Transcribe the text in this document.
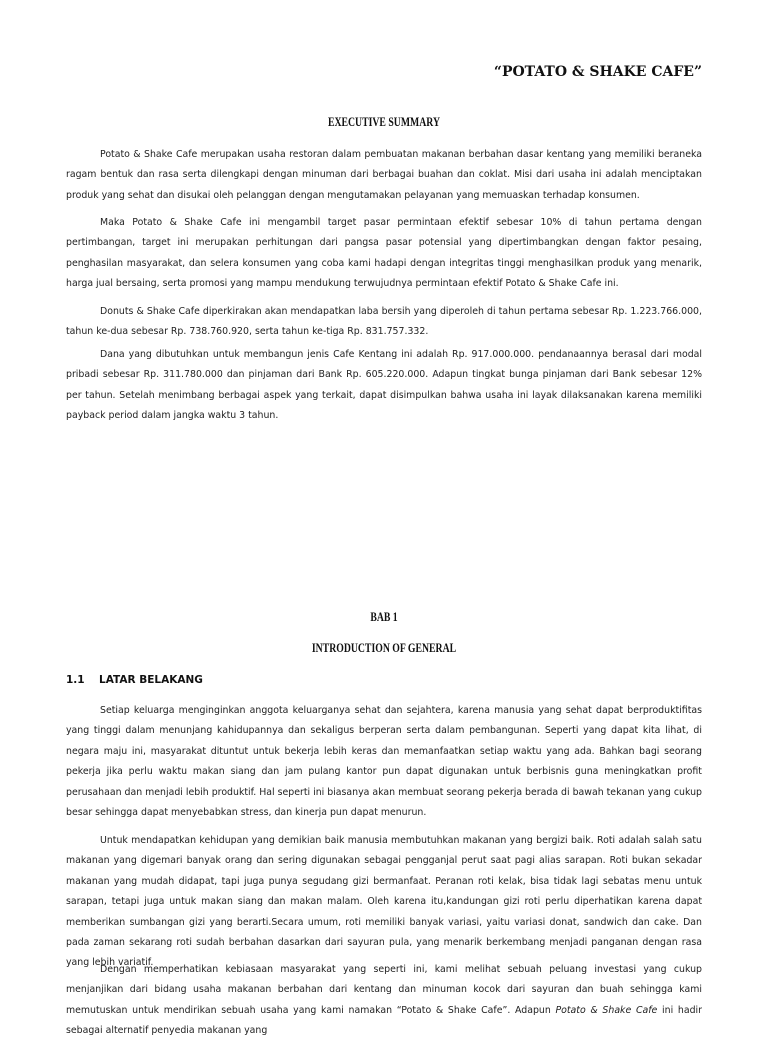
“POTATO & SHAKE CAFE”
EXECUTIVE SUMMARY

Potato & Shake Cafe merupakan usaha restoran dalam pembuatan makanan berbahan dasar kentang yang memiliki beraneka ragam bentuk dan rasa serta dilengkapi dengan minuman dari berbagai buahan dan coklat. Misi dari usaha ini adalah menciptakan produk yang sehat dan disukai oleh pelanggan dengan mengutamakan pelayanan yang memuaskan terhadap konsumen.

Maka Potato & Shake Cafe ini mengambil target pasar permintaan efektif sebesar 10% di tahun pertama dengan pertimbangan, target ini merupakan perhitungan dari pangsa pasar potensial yang dipertimbangkan dengan faktor pesaing, penghasilan masyarakat, dan selera konsumen yang coba kami hadapi dengan integritas tinggi menghasilkan produk yang menarik, harga jual bersaing, serta promosi yang mampu mendukung terwujudnya permintaan efektif Potato & Shake Cafe ini.

Donuts & Shake Cafe diperkirakan akan mendapatkan laba bersih yang diperoleh di tahun pertama sebesar Rp. 1.223.766.000, tahun ke-dua sebesar Rp. 738.760.920, serta tahun ke-tiga Rp. 831.757.332.

Dana yang dibutuhkan untuk membangun jenis Cafe Kentang ini adalah Rp. 917.000.000. pendanaannya berasal dari modal pribadi sebesar Rp. 311.780.000 dan pinjaman dari Bank Rp. 605.220.000. Adapun tingkat bunga pinjaman dari Bank sebesar 12% per tahun. Setelah menimbang berbagai aspek yang terkait, dapat disimpulkan bahwa usaha ini layak dilaksanakan karena memiliki payback period dalam jangka waktu 3 tahun.

BAB 1
INTRODUCTION OF GENERAL
1.1 LATAR BELAKANG

Setiap keluarga menginginkan anggota keluarganya sehat dan sejahtera, karena manusia yang sehat dapat berproduktifitas yang tinggi dalam menunjang kahidupannya dan sekaligus berperan serta dalam pembangunan. Seperti yang dapat kita lihat, di negara maju ini, masyarakat dituntut untuk bekerja lebih keras dan memanfaatkan setiap waktu yang ada. Bahkan bagi seorang pekerja jika perlu waktu makan siang dan jam pulang kantor pun dapat digunakan untuk berbisnis guna meningkatkan profit perusahaan dan menjadi lebih produktif. Hal seperti ini biasanya akan membuat seorang pekerja berada di bawah tekanan yang cukup besar sehingga dapat menyebabkan stress, dan kinerja pun dapat menurun.

Untuk mendapatkan kehidupan yang demikian baik manusia membutuhkan makanan yang bergizi baik. Roti adalah salah satu makanan yang digemari banyak orang dan sering digunakan sebagai pengganjal perut saat pagi alias sarapan. Roti bukan sekadar makanan yang mudah didapat, tapi juga punya segudang gizi bermanfaat. Peranan roti kelak, bisa tidak lagi sebatas menu untuk sarapan, tetapi juga untuk makan siang dan makan malam. Oleh karena itu,kandungan gizi roti perlu diperhatikan karena dapat memberikan sumbangan gizi yang berarti.Secara umum, roti memiliki banyak variasi, yaitu variasi donat, sandwich dan cake. Dan pada zaman sekarang roti sudah berbahan dasarkan dari sayuran pula, yang menarik berkembang menjadi panganan dengan rasa yang lebih variatif.

Dengan memperhatikan kebiasaan masyarakat yang seperti ini, kami melihat sebuah peluang investasi yang cukup menjanjikan dari bidang usaha makanan berbahan dari kentang dan minuman kocok dari sayuran dan buah sehingga kami memutuskan untuk mendirikan sebuah usaha yang kami namakan “Potato & Shake Cafe”. Adapun Potato & Shake Cafe ini hadir sebagai alternatif penyedia makanan yang
